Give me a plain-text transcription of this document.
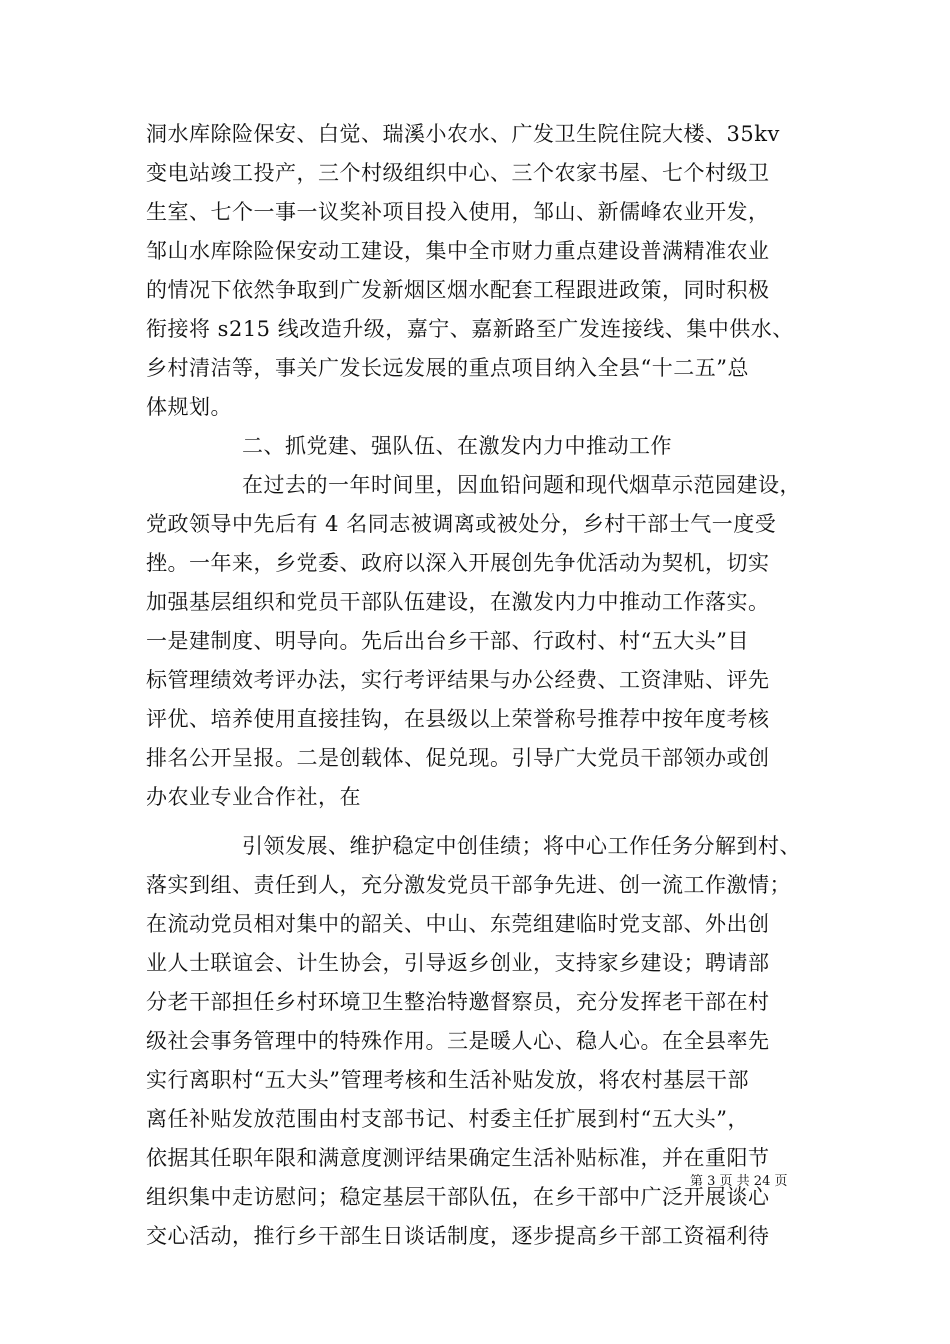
洞水库除险保安、白觉、瑞溪小农水、广发卫生院住院大楼、35kv
变电站竣工投产，三个村级组织中心、三个农家书屋、七个村级卫
生室、七个一事一议奖补项目投入使用，邹山、新儒峰农业开发，
邹山水库除险保安动工建设，集中全市财力重点建设普满精准农业
的情况下依然争取到广发新烟区烟水配套工程跟进政策，同时积极
衔接将 s215 线改造升级，嘉宁、嘉新路至广发连接线、集中供水、
乡村清洁等，事关广发长远发展的重点项目纳入全县“十二五”总
体规划。
二、抓党建、强队伍、在激发内力中推动工作
在过去的一年时间里，因血铅问题和现代烟草示范园建设，
党政领导中先后有 4 名同志被调离或被处分，乡村干部士气一度受
挫。一年来，乡党委、政府以深入开展创先争优活动为契机，切实
加强基层组织和党员干部队伍建设，在激发内力中推动工作落实。
一是建制度、明导向。先后出台乡干部、行政村、村“五大头”目
标管理绩效考评办法，实行考评结果与办公经费、工资津贴、评先
评优、培养使用直接挂钩，在县级以上荣誉称号推荐中按年度考核
排名公开呈报。二是创载体、促兑现。引导广大党员干部领办或创
办农业专业合作社，在
引领发展、维护稳定中创佳绩；将中心工作任务分解到村、
落实到组、责任到人，充分激发党员干部争先进、创一流工作激情；
在流动党员相对集中的韶关、中山、东莞组建临时党支部、外出创
业人士联谊会、计生协会，引导返乡创业，支持家乡建设；聘请部
分老干部担任乡村环境卫生整治特邀督察员，充分发挥老干部在村
级社会事务管理中的特殊作用。三是暖人心、稳人心。在全县率先
实行离职村“五大头”管理考核和生活补贴发放，将农村基层干部
离任补贴发放范围由村支部书记、村委主任扩展到村“五大头”，
依据其任职年限和满意度测评结果确定生活补贴标准，并在重阳节
组织集中走访慰问；稳定基层干部队伍，在乡干部中广泛开展谈心
交心活动，推行乡干部生日谈话制度，逐步提高乡干部工资福利待
第 3 页 共 24 页
